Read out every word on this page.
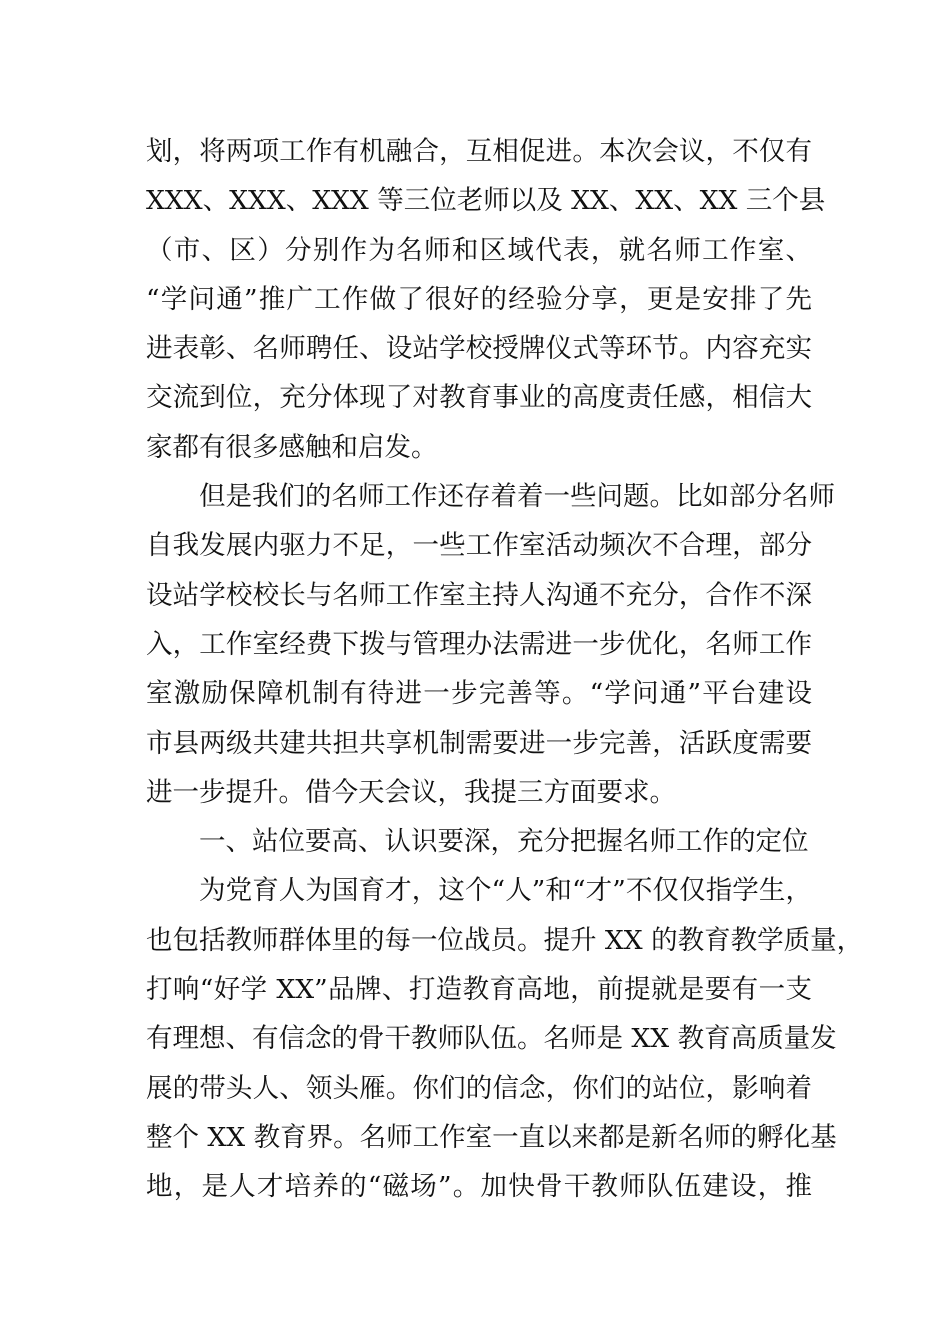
划，将两项工作有机融合，互相促进。本次会议，不仅有
XXX、XXX、XXX 等三位老师以及 XX、XX、XX 三个县
（市、区）分别作为名师和区域代表，就名师工作室、
“学问通”推广工作做了很好的经验分享，更是安排了先
进表彰、名师聘任、设站学校授牌仪式等环节。内容充实
交流到位，充分体现了对教育事业的高度责任感，相信大
家都有很多感触和启发。
但是我们的名师工作还存着着一些问题。比如部分名师
自我发展内驱力不足，一些工作室活动频次不合理，部分
设站学校校长与名师工作室主持人沟通不充分，合作不深
入，工作室经费下拨与管理办法需进一步优化，名师工作
室激励保障机制有待进一步完善等。“学问通”平台建设
市县两级共建共担共享机制需要进一步完善，活跃度需要
进一步提升。借今天会议，我提三方面要求。
一、站位要高、认识要深，充分把握名师工作的定位
为党育人为国育才，这个“人”和“才”不仅仅指学生，
也包括教师群体里的每一位战员。提升 XX 的教育教学质量，
打响“好学 XX”品牌、打造教育高地，前提就是要有一支
有理想、有信念的骨干教师队伍。名师是 XX 教育高质量发
展的带头人、领头雁。你们的信念，你们的站位，影响着
整个 XX 教育界。名师工作室一直以来都是新名师的孵化基
地，是人才培养的“磁场”。加快骨干教师队伍建设，推
